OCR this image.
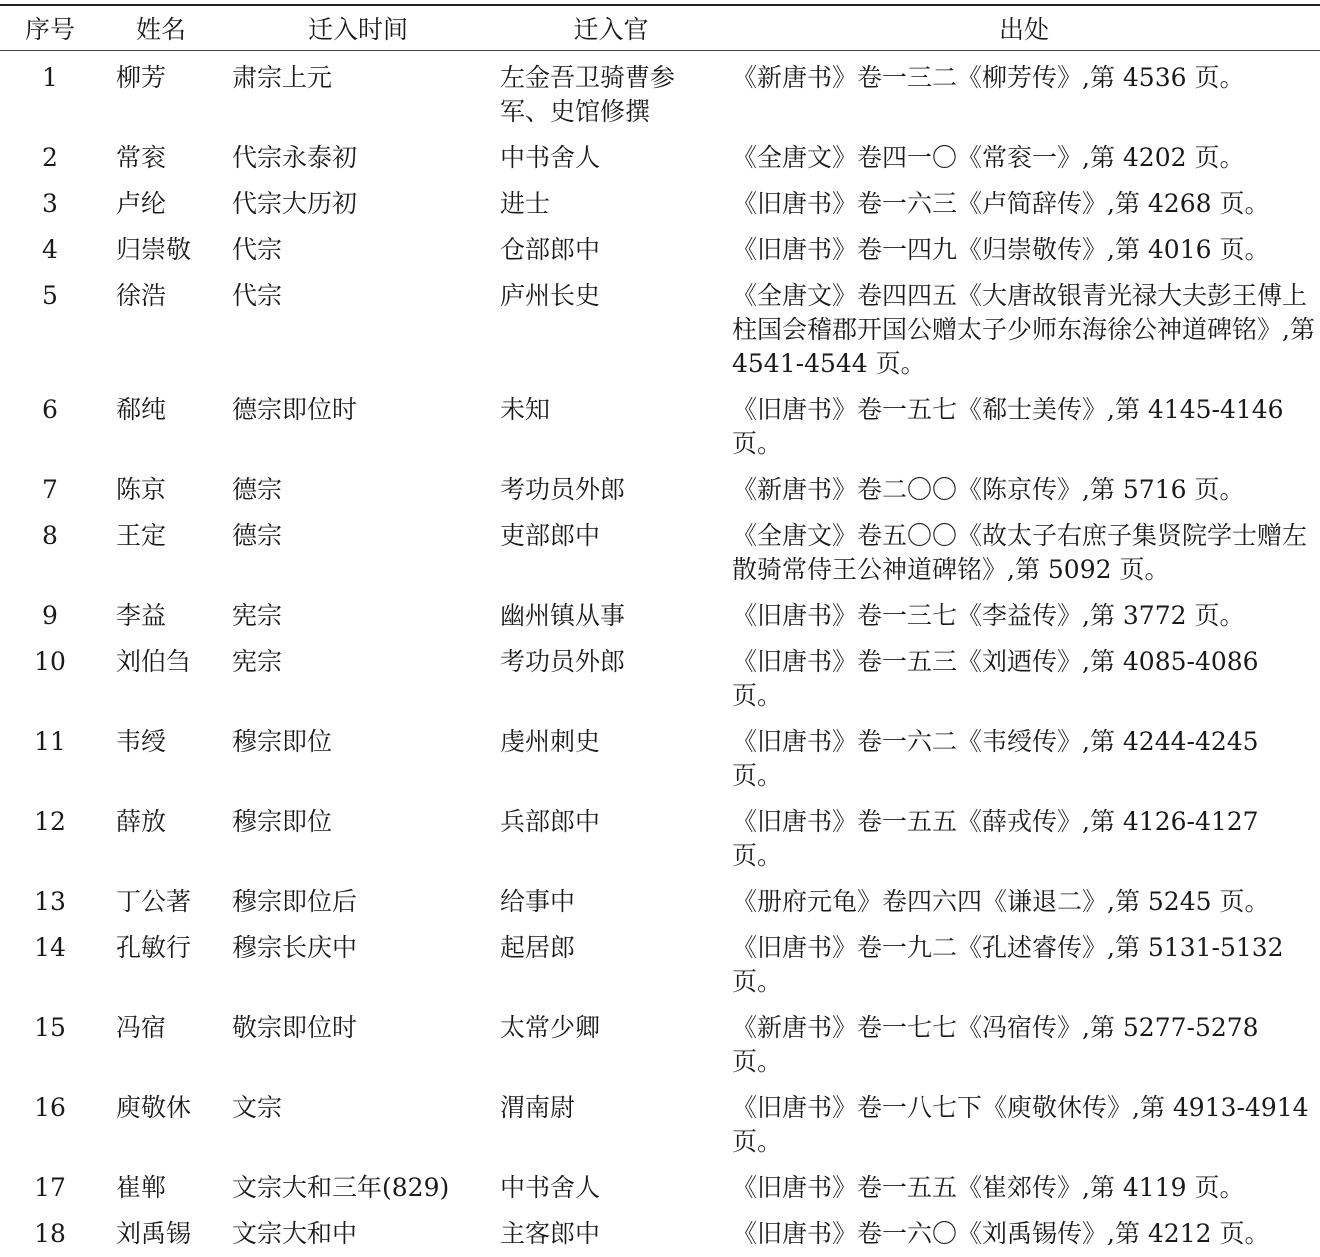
序号	姓名	迁入时间	迁入官	出处
1	柳芳	肃宗上元	左金吾卫骑曹参军、史馆修撰	《新唐书》卷一三二《柳芳传》,第 4536 页。
2	常衮	代宗永泰初	中书舍人	《全唐文》卷四一〇《常衮一》,第 4202 页。
3	卢纶	代宗大历初	进士	《旧唐书》卷一六三《卢简辞传》,第 4268 页。
4	归崇敬	代宗	仓部郎中	《旧唐书》卷一四九《归崇敬传》,第 4016 页。
5	徐浩	代宗	庐州长史	《全唐文》卷四四五《大唐故银青光禄大夫彭王傅上柱国会稽郡开国公赠太子少师东海徐公神道碑铭》,第 4541-4544 页。
6	郗纯	德宗即位时	未知	《旧唐书》卷一五七《郗士美传》,第 4145-4146 页。
7	陈京	德宗	考功员外郎	《新唐书》卷二〇〇《陈京传》,第 5716 页。
8	王定	德宗	吏部郎中	《全唐文》卷五〇〇《故太子右庶子集贤院学士赠左散骑常侍王公神道碑铭》,第 5092 页。
9	李益	宪宗	幽州镇从事	《旧唐书》卷一三七《李益传》,第 3772 页。
10	刘伯刍	宪宗	考功员外郎	《旧唐书》卷一五三《刘迺传》,第 4085-4086 页。
11	韦绶	穆宗即位	虔州刺史	《旧唐书》卷一六二《韦绶传》,第 4244-4245 页。
12	薛放	穆宗即位	兵部郎中	《旧唐书》卷一五五《薛戎传》,第 4126-4127 页。
13	丁公著	穆宗即位后	给事中	《册府元龟》卷四六四《谦退二》,第 5245 页。
14	孔敏行	穆宗长庆中	起居郎	《旧唐书》卷一九二《孔述睿传》,第 5131-5132 页。
15	冯宿	敬宗即位时	太常少卿	《新唐书》卷一七七《冯宿传》,第 5277-5278 页。
16	庾敬休	文宗	渭南尉	《旧唐书》卷一八七下《庾敬休传》,第 4913-4914 页。
17	崔郸	文宗大和三年(829)	中书舍人	《旧唐书》卷一五五《崔郊传》,第 4119 页。
18	刘禹锡	文宗大和中	主客郎中	《旧唐书》卷一六〇《刘禹锡传》,第 4212 页。
